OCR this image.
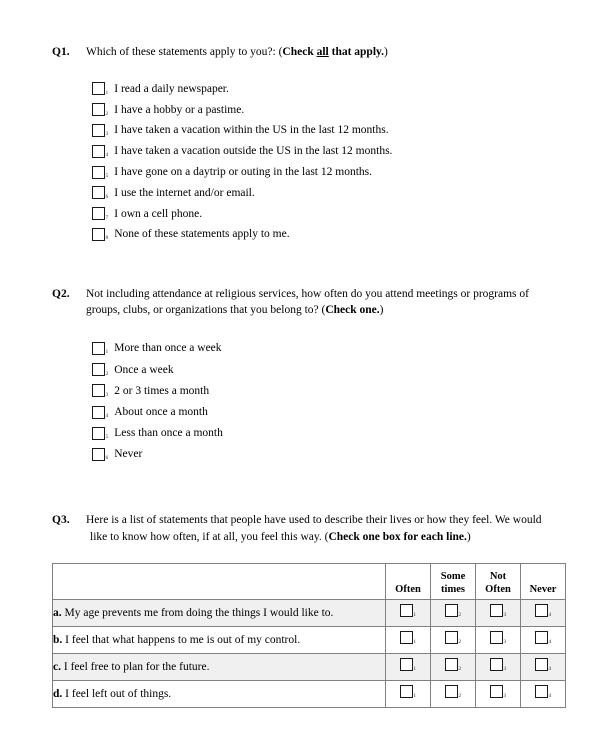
Q1.	Which of these statements apply to you?: (Check all that apply.)
1 I read a daily newspaper.
2 I have a hobby or a pastime.
3 I have taken a vacation within the US in the last 12 months.
4 I have taken a vacation outside the US in the last 12 months.
5 I have gone on a daytrip or outing in the last 12 months.
6 I use the internet and/or email.
7 I own a cell phone.
8 None of these statements apply to me.
Q2.	Not including attendance at religious services, how often do you attend meetings or programs of groups, clubs, or organizations that you belong to? (Check one.)
1 More than once a week
2 Once a week
3 2 or 3 times a month
4 About once a month
5 Less than once a month
6 Never
Q3.	Here is a list of statements that people have used to describe their lives or how they feel. We would like to know how often, if at all, you feel this way. (Check one box for each line.)
	Often	Some times	Not Often	Never
a. My age prevents me from doing the things I would like to.	1	2	3	4

b. I feel that what happens to me is out of my control.	1	2	3	4

c. I feel free to plan for the future.	1	2	3	4

d. I feel left out of things.	1	2	3	4
